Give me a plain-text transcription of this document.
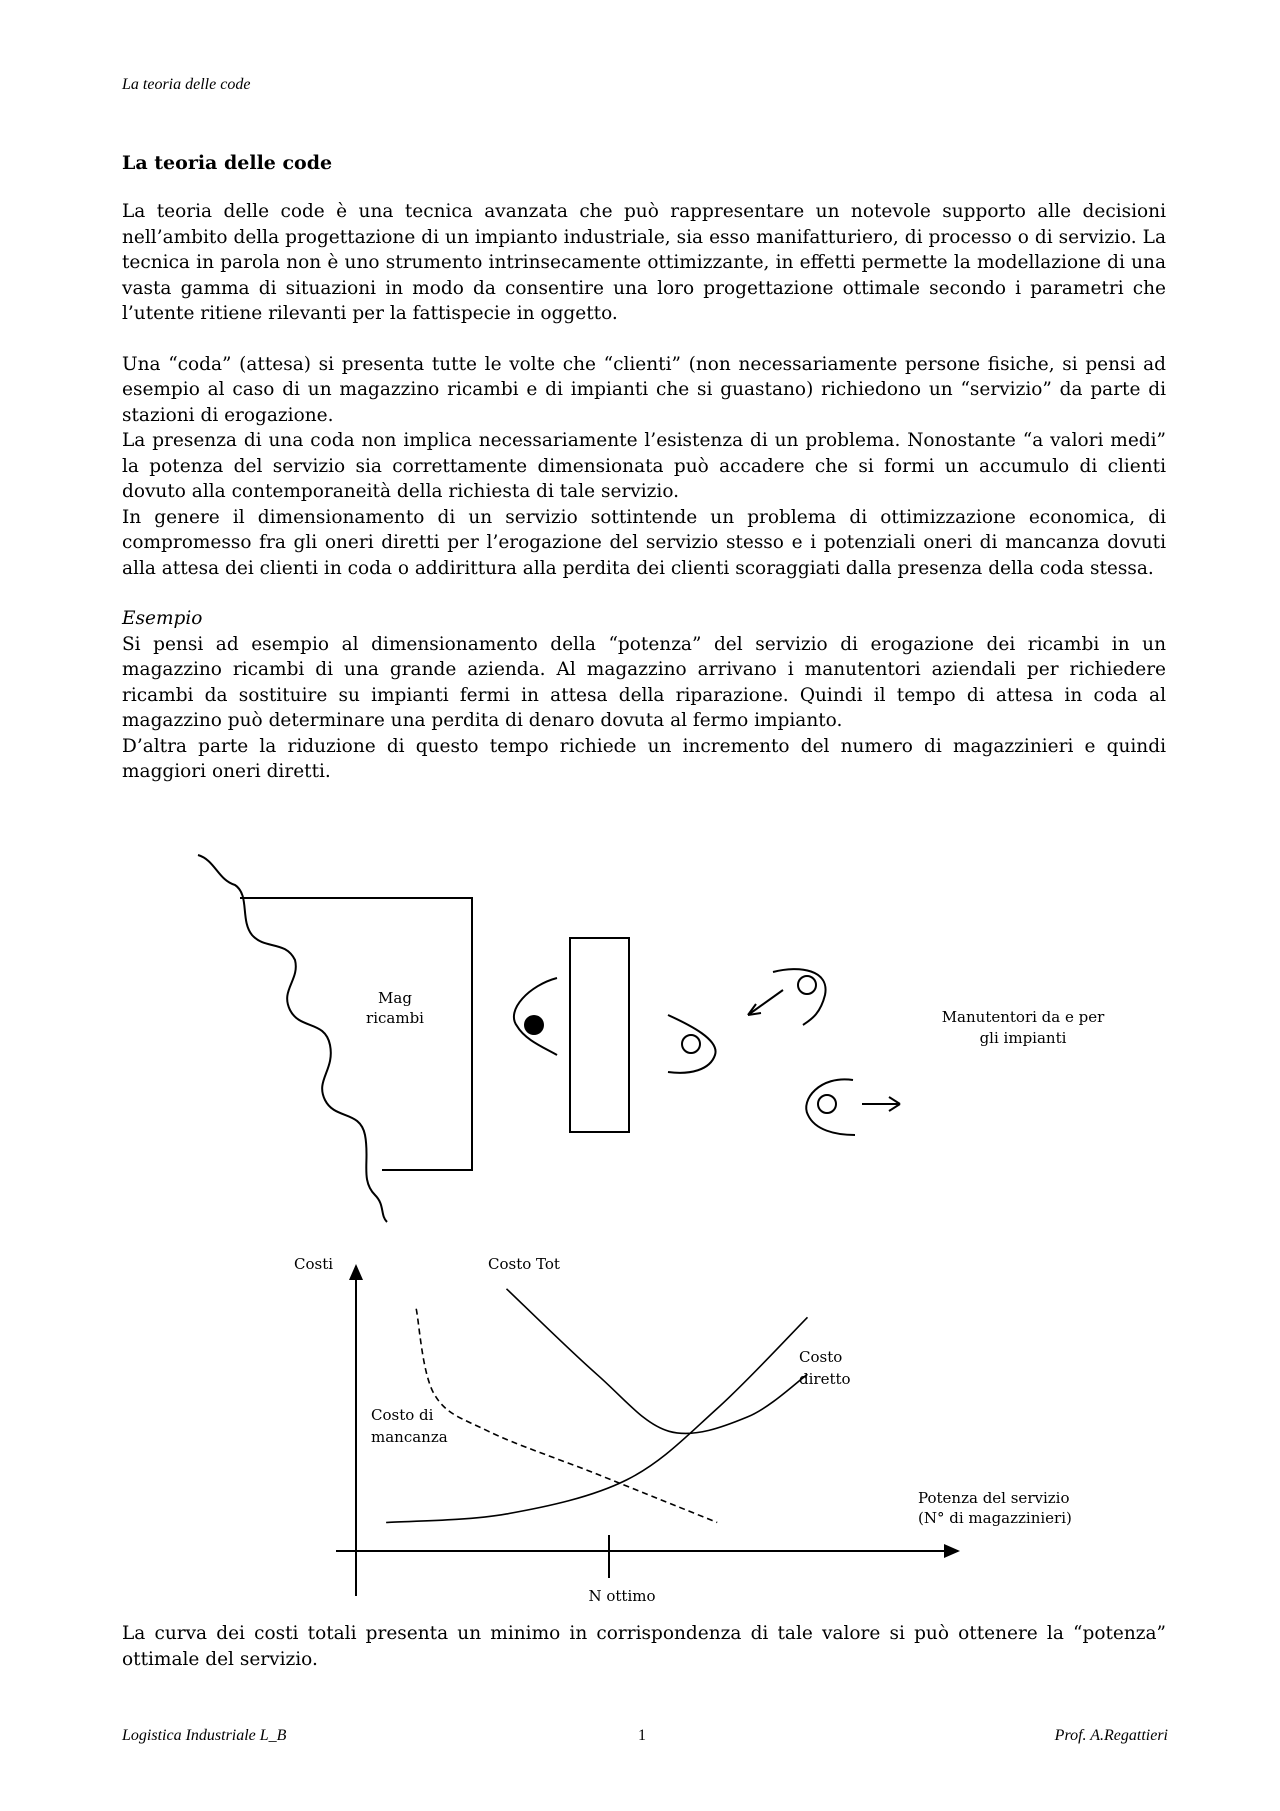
La teoria delle code

La teoria delle code

La teoria delle code è una tecnica avanzata che può rappresentare un notevole supporto alle decisioni nell’ambito della progettazione di un impianto industriale, sia esso manifatturiero, di processo o di servizio. La tecnica in parola non è uno strumento intrinsecamente ottimizzante, in effetti permette la modellazione di una vasta gamma di situazioni in modo da consentire una loro progettazione ottimale secondo i parametri che l’utente ritiene rilevanti per la fattispecie in oggetto.

Una “coda” (attesa) si presenta tutte le volte che “clienti” (non necessariamente persone fisiche, si pensi ad esempio al caso di un magazzino ricambi e di impianti che si guastano) richiedono un “servizio” da parte di stazioni di erogazione.

La presenza di una coda non implica necessariamente l’esistenza di un problema. Nonostante “a valori medi” la potenza del servizio sia correttamente dimensionata può accadere che si formi un accumulo di clienti dovuto alla contemporaneità della richiesta di tale servizio.

In genere il dimensionamento di un servizio sottintende un problema di ottimizzazione economica, di compromesso fra gli oneri diretti per l’erogazione del servizio stesso e i potenziali oneri di mancanza dovuti alla attesa dei clienti in coda o addirittura alla perdita dei clienti scoraggiati dalla presenza della coda stessa.

Esempio

Si pensi ad esempio al dimensionamento della “potenza” del servizio di erogazione dei ricambi in un magazzino ricambi di una grande azienda. Al magazzino arrivano i manutentori aziendali per richiedere ricambi da sostituire su impianti fermi in attesa della riparazione. Quindi il tempo di attesa in coda al magazzino può determinare una perdita di denaro dovuta al fermo impianto.

D’altra parte la riduzione di questo tempo richiede un incremento del numero di magazzinieri e quindi maggiori oneri diretti.

Mag
ricambi	Manutentori da e per
gli impianti
Costi
Potenza del servizio
(N° di magazzinieri)
N ottimo
Costo Tot
Costo
diretto
Costo di
mancanza

La curva dei costi totali presenta un minimo in corrispondenza di tale valore si può ottenere la “potenza” ottimale del servizio.

Logistica Industriale L_B	1	Prof. A.Regattieri
